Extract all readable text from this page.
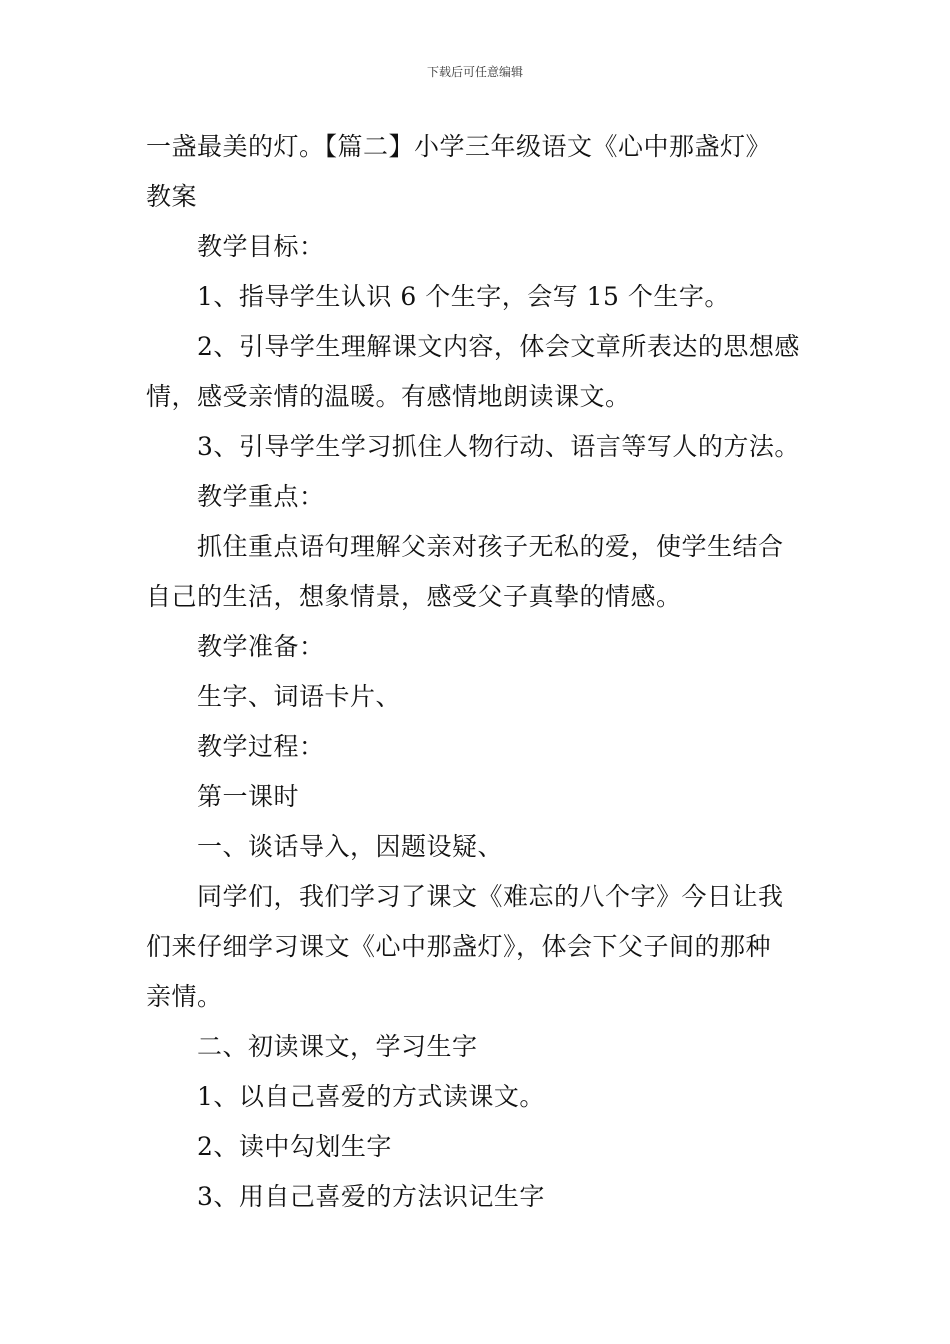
下载后可任意编辑
一盏最美的灯。【篇二】小学三年级语文《心中那盏灯》
教案
教学目标：
1、指导学生认识 6 个生字，会写 15 个生字。
2、引导学生理解课文内容，体会文章所表达的思想感
情，感受亲情的温暖。有感情地朗读课文。
3、引导学生学习抓住人物行动、语言等写人的方法。
教学重点：
抓住重点语句理解父亲对孩子无私的爱，使学生结合
自己的生活，想象情景，感受父子真挚的情感。
教学准备：
生字、词语卡片、
教学过程：
第一课时
一、谈话导入，因题设疑、
同学们，我们学习了课文《难忘的八个字》今日让我
们来仔细学习课文《心中那盏灯》，体会下父子间的那种
亲情。
二、初读课文，学习生字
1、以自己喜爱的方式读课文。
2、读中勾划生字
3、用自己喜爱的方法识记生字
